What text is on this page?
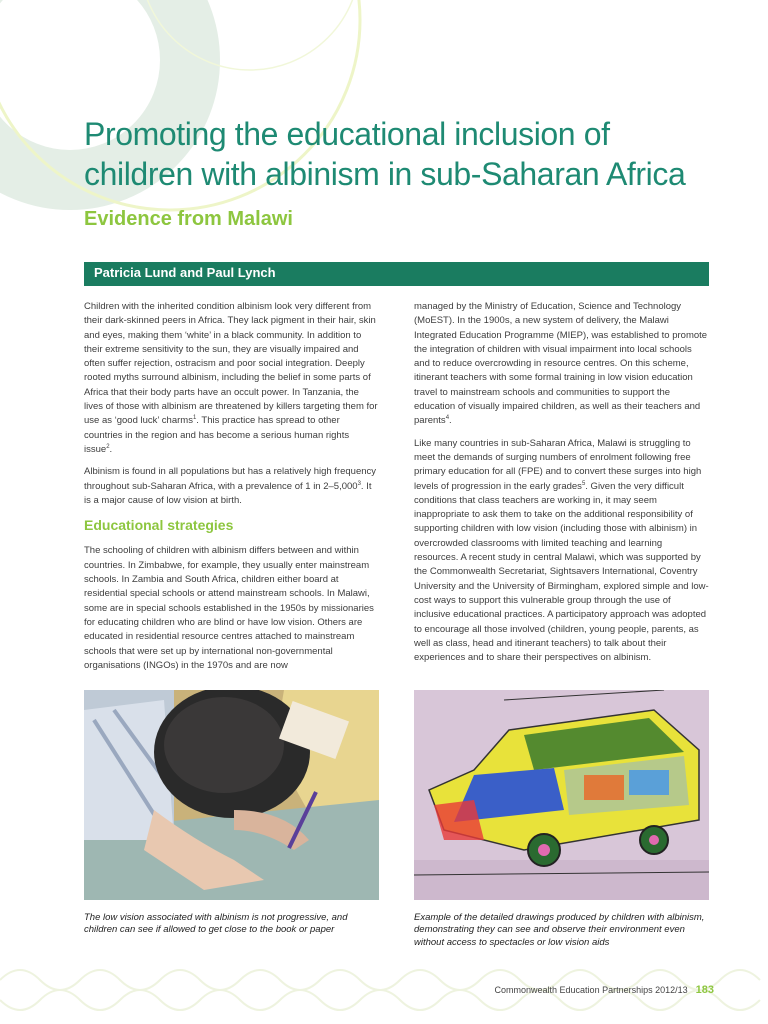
Promoting the educational inclusion of children with albinism in sub-Saharan Africa
Evidence from Malawi
Patricia Lund and Paul Lynch

Children with the inherited condition albinism look very different from their dark-skinned peers in Africa. They lack pigment in their hair, skin and eyes, making them ‘white’ in a black community. In addition to their extreme sensitivity to the sun, they are visually impaired and often suffer rejection, ostracism and poor social integration. Deeply rooted myths surround albinism, including the belief in some parts of Africa that their body parts have an occult power. In Tanzania, the lives of those with albinism are threatened by killers targeting them for use as ‘good luck’ charms$^1$. This practice has spread to other countries in the region and has become a serious human rights issue$^2$.

Albinism is found in all populations but has a relatively high frequency throughout sub-Saharan Africa, with a prevalence of 1 in 2–5,000$^3$. It is a major cause of low vision at birth.

Educational strategies

The schooling of children with albinism differs between and within countries. In Zimbabwe, for example, they usually enter mainstream schools. In Zambia and South Africa, children either board at residential special schools or attend mainstream schools. In Malawi, some are in special schools established in the 1950s by missionaries for educating children who are blind or have low vision. Others are educated in residential resource centres attached to mainstream schools that were set up by international non-governmental organisations (INGOs) in the 1970s and are now

managed by the Ministry of Education, Science and Technology (MoEST). In the 1900s, a new system of delivery, the Malawi Integrated Education Programme (MIEP), was established to promote the integration of children with visual impairment into local schools and to reduce overcrowding in resource centres. On this scheme, itinerant teachers with some formal training in low vision education travel to mainstream schools and communities to support the education of visually impaired children, as well as their teachers and parents$^4$.

Like many countries in sub-Saharan Africa, Malawi is struggling to meet the demands of surging numbers of enrolment following free primary education for all (FPE) and to convert these surges into high levels of progression in the early grades$^5$. Given the very difficult conditions that class teachers are working in, it may seem inappropriate to ask them to take on the additional responsibility of supporting children with low vision (including those with albinism) in overcrowded classrooms with limited teaching and learning resources. A recent study in central Malawi, which was supported by the Commonwealth Secretariat, Sightsavers International, Coventry University and the University of Birmingham, explored simple and low-cost ways to support this vulnerable group through the use of inclusive educational practices. A participatory approach was adopted to encourage all those involved (children, young people, parents, as well as class, head and itinerant teachers) to talk about their experiences and to share their perspectives on albinism.

The low vision associated with albinism is not progressive, and children can see if allowed to get close to the book or paper

Example of the detailed drawings produced by children with albinism, demonstrating they can see and observe their environment even without access to spectacles or low vision aids

Commonwealth Education Partnerships 2012/13 183
